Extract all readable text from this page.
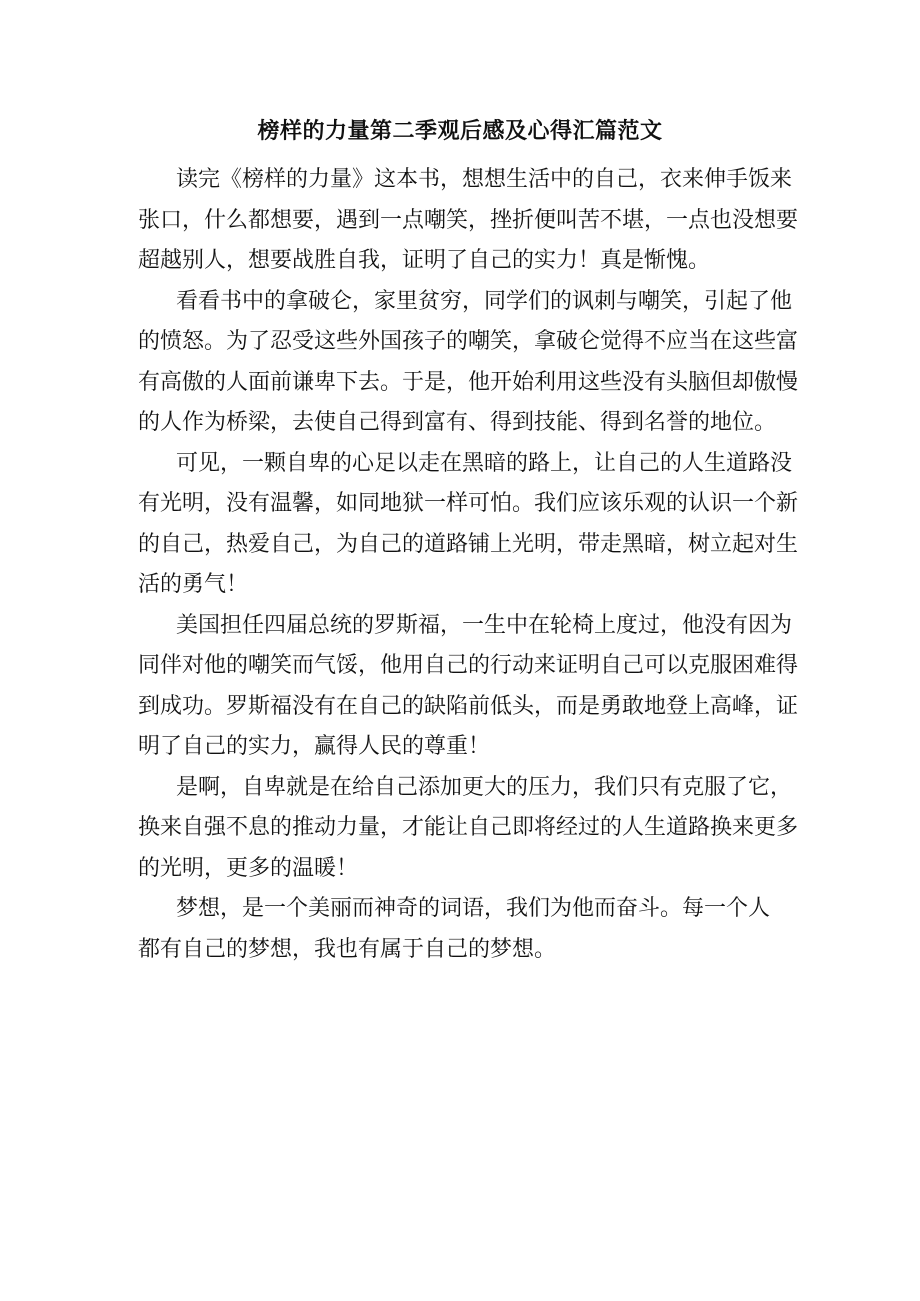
榜样的力量第二季观后感及心得汇篇范文

读完《榜样的力量》这本书，想想生活中的自己，衣来伸手饭来
张口，什么都想要，遇到一点嘲笑，挫折便叫苦不堪，一点也没想要
超越别人，想要战胜自我，证明了自己的实力！真是惭愧。

看看书中的拿破仑，家里贫穷，同学们的讽刺与嘲笑，引起了他
的愤怒。为了忍受这些外国孩子的嘲笑，拿破仑觉得不应当在这些富
有高傲的人面前谦卑下去。于是，他开始利用这些没有头脑但却傲慢
的人作为桥梁，去使自己得到富有、得到技能、得到名誉的地位。

可见，一颗自卑的心足以走在黑暗的路上，让自己的人生道路没
有光明，没有温馨，如同地狱一样可怕。我们应该乐观的认识一个新
的自己，热爱自己，为自己的道路铺上光明，带走黑暗，树立起对生
活的勇气！

美国担任四届总统的罗斯福，一生中在轮椅上度过，他没有因为
同伴对他的嘲笑而气馁，他用自己的行动来证明自己可以克服困难得
到成功。罗斯福没有在自己的缺陷前低头，而是勇敢地登上高峰，证
明了自己的实力，赢得人民的尊重！

是啊，自卑就是在给自己添加更大的压力，我们只有克服了它，
换来自强不息的推动力量，才能让自己即将经过的人生道路换来更多
的光明，更多的温暖！

梦想，是一个美丽而神奇的词语，我们为他而奋斗。每一个人
都有自己的梦想，我也有属于自己的梦想。
